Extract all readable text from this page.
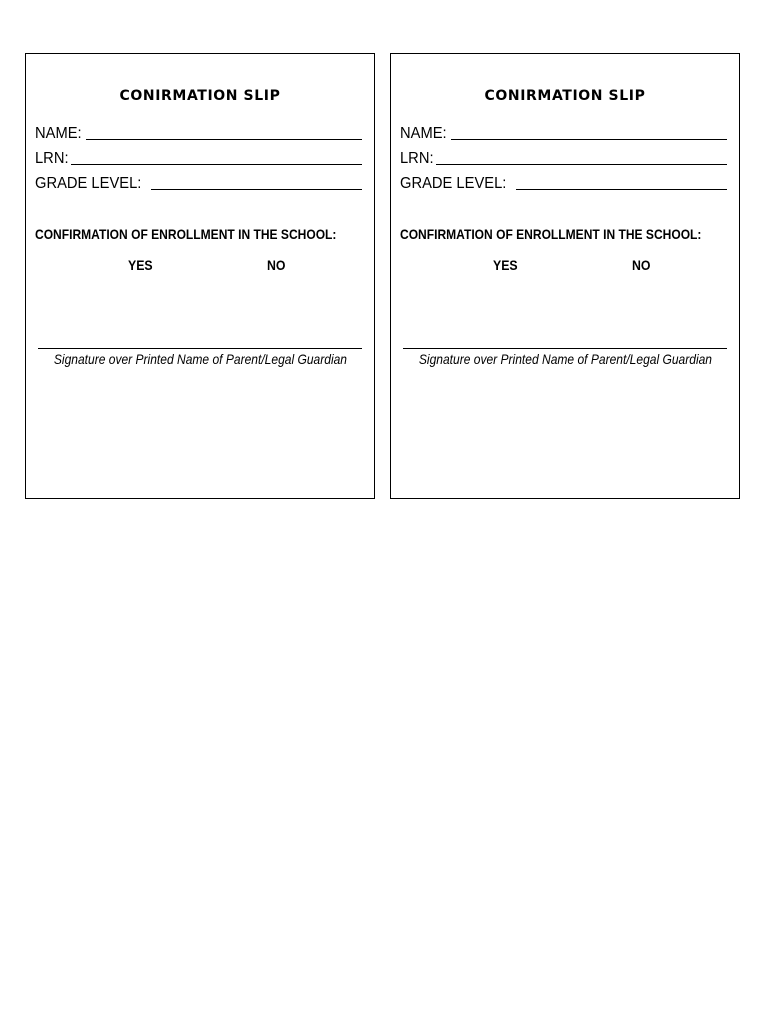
CONIRMATION SLIP
NAME:
LRN:
GRADE LEVEL:
CONFIRMATION OF ENROLLMENT IN THE SCHOOL:
YES	NO
Signature over Printed Name of Parent/Legal Guardian
CONIRMATION SLIP
NAME:
LRN:
GRADE LEVEL:
CONFIRMATION OF ENROLLMENT IN THE SCHOOL:
YES	NO
Signature over Printed Name of Parent/Legal Guardian
